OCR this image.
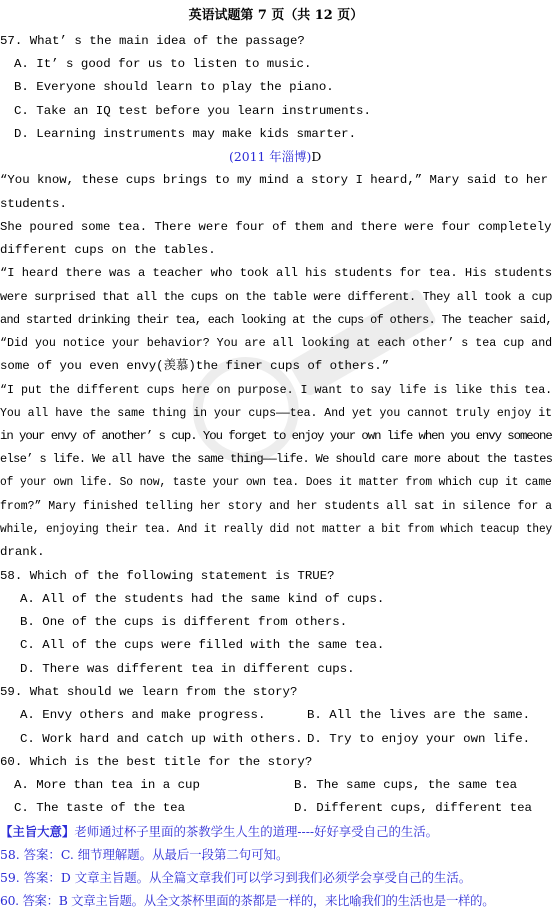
英语试题第 7 页（共 12 页）
57. What’ s the main idea of the passage?
A. It’ s good for us to listen to music.
B. Everyone should learn to play the piano.
C. Take an IQ test before you learn instruments.
D. Learning instruments may make kids smarter.
(2011 年淄博)D
“You know, these cups brings to my mind a story I heard,” Mary said to her
students.
She poured some tea. There were four of them and there were four completely
different cups on the tables.
“I heard there was a teacher who took all his students for tea. His students
were surprised that all the cups on the table were different. They all took a cup
and started drinking their tea, each looking at the cups of others. The teacher said,
“Did you notice your behavior? You are all looking at each other’ s tea cup and
some of you even envy(羡慕)the finer cups of others.”
“I put the different cups here on purpose. I want to say life is like this tea.
You all have the same thing in your cups——tea. And yet you cannot truly enjoy it
in your envy of another’ s cup. You forget to enjoy your own life when you envy someone
else’ s life. We all have the same thing——life. We should care more about the tastes
of your own life. So now, taste your own tea. Does it matter from which cup it came
from?” Mary finished telling her story and her students all sat in silence for a
while, enjoying their tea. And it really did not matter a bit from which teacup they
drank.
58. Which of the following statement is TRUE?
A. All of the students had the same kind of cups.
B. One of the cups is different from others.
C. All of the cups were filled with the same tea.
D. There was different tea in different cups.
59. What should we learn from the story?
A. Envy others and make progress.	B. All the lives are the same.
C. Work hard and catch up with others. D. Try to enjoy your own life.
60. Which is the best title for the story?
A. More than tea in a cup	B. The same cups, the same tea
C. The taste of the tea	D. Different cups, different tea
【主旨大意】老师通过杯子里面的茶教学生人生的道理----好好享受自己的生活。
58. 答案：C. 细节理解题。从最后一段第二句可知。
59. 答案：D 文章主旨题。从全篇文章我们可以学习到我们必须学会享受自己的生活。
60. 答案：B 文章主旨题。从全文茶杯里面的茶都是一样的，来比喻我们的生活也是一样的。
